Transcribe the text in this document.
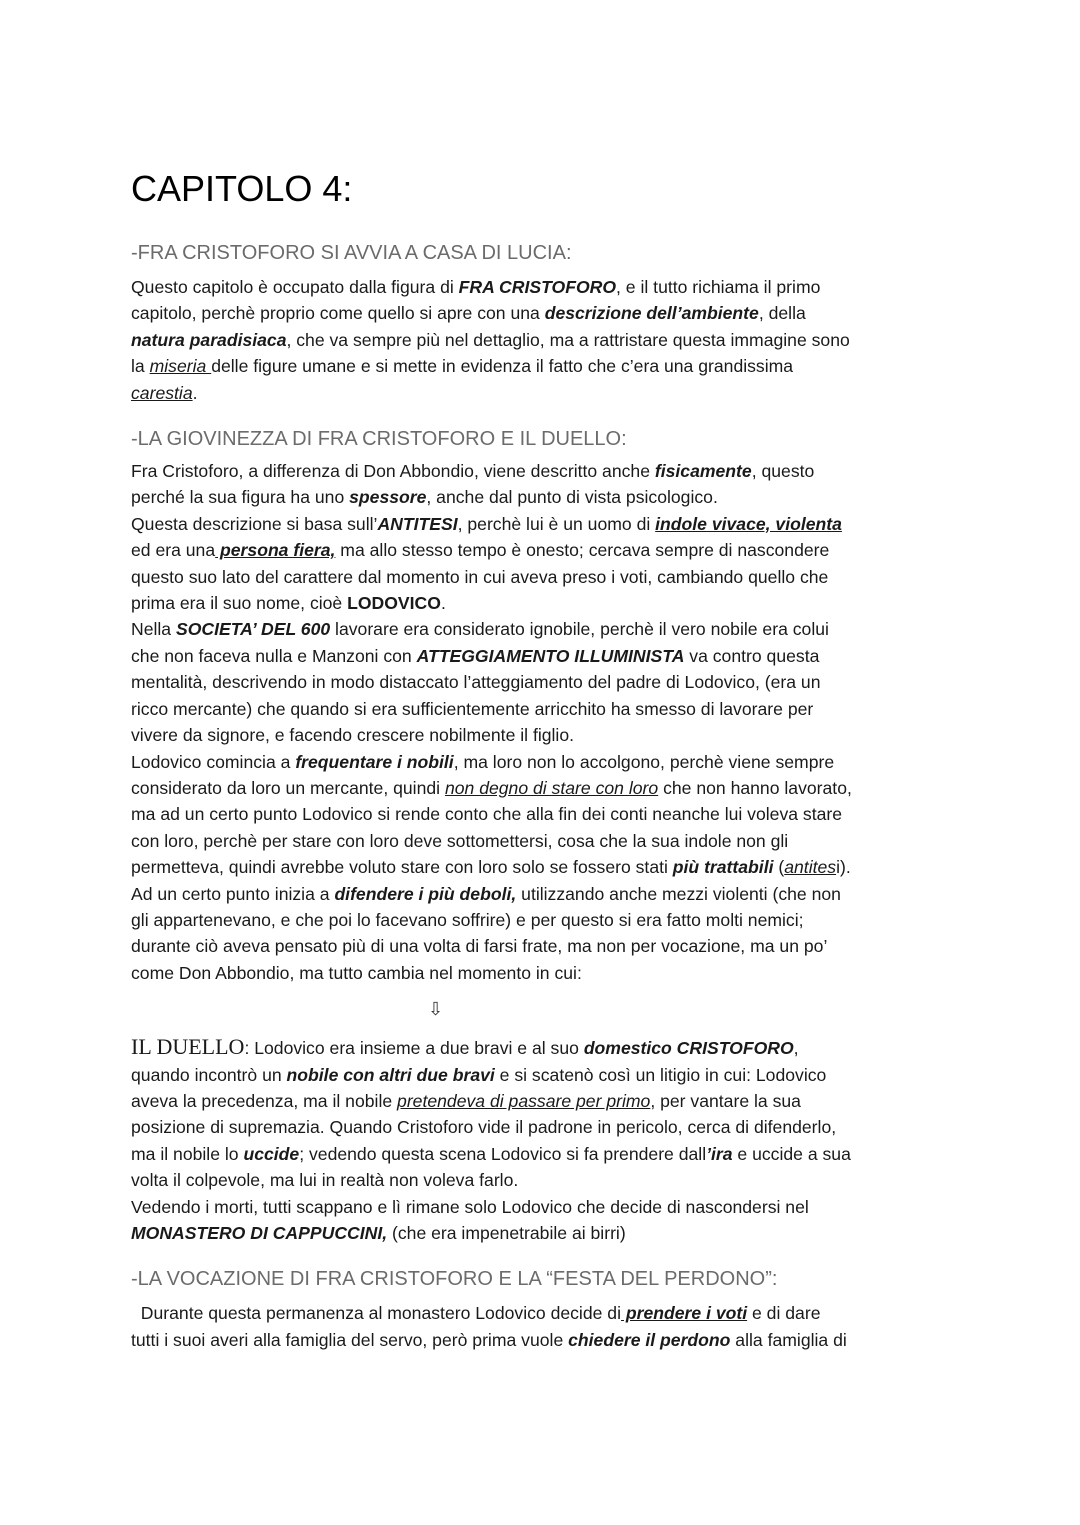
CAPITOLO 4:
-FRA CRISTOFORO SI AVVIA A CASA DI LUCIA:
Questo capitolo è occupato dalla figura di FRA CRISTOFORO, e il tutto richiama il primo
capitolo, perchè proprio come quello si apre con una descrizione dell’ambiente, della
natura paradisiaca, che va sempre più nel dettaglio, ma a rattristare questa immagine sono
la miseria delle figure umane e si mette in evidenza il fatto che c’era una grandissima
carestia.
-LA GIOVINEZZA DI FRA CRISTOFORO E IL DUELLO:
Fra Cristoforo, a differenza di Don Abbondio, viene descritto anche fisicamente, questo
perché la sua figura ha uno spessore, anche dal punto di vista psicologico.
Questa descrizione si basa sull’ANTITESI, perchè lui è un uomo di indole vivace, violenta
ed era una persona fiera, ma allo stesso tempo è onesto; cercava sempre di nascondere
questo suo lato del carattere dal momento in cui aveva preso i voti, cambiando quello che
prima era il suo nome, cioè LODOVICO.
Nella SOCIETA’ DEL 600 lavorare era considerato ignobile, perchè il vero nobile era colui
che non faceva nulla e Manzoni con ATTEGGIAMENTO ILLUMINISTA va contro questa
mentalità, descrivendo in modo distaccato l’atteggiamento del padre di Lodovico, (era un
ricco mercante) che quando si era sufficientemente arricchito ha smesso di lavorare per
vivere da signore, e facendo crescere nobilmente il figlio.
Lodovico comincia a frequentare i nobili, ma loro non lo accolgono, perchè viene sempre
considerato da loro un mercante, quindi non degno di stare con loro che non hanno lavorato,
ma ad un certo punto Lodovico si rende conto che alla fin dei conti neanche lui voleva stare
con loro, perchè per stare con loro deve sottomettersi, cosa che la sua indole non gli
permetteva, quindi avrebbe voluto stare con loro solo se fossero stati più trattabili (antitesi).
Ad un certo punto inizia a difendere i più deboli, utilizzando anche mezzi violenti (che non
gli appartenevano, e che poi lo facevano soffrire) e per questo si era fatto molti nemici;
durante ciò aveva pensato più di una volta di farsi frate, ma non per vocazione, ma un po’
come Don Abbondio, ma tutto cambia nel momento in cui:
⇩
IL DUELLO: Lodovico era insieme a due bravi e al suo domestico CRISTOFORO,
quando incontrò un nobile con altri due bravi e si scatenò così un litigio in cui: Lodovico
aveva la precedenza, ma il nobile pretendeva di passare per primo, per vantare la sua
posizione di supremazia. Quando Cristoforo vide il padrone in pericolo, cerca di difenderlo,
ma il nobile lo uccide; vedendo questa scena Lodovico si fa prendere dall’ira e uccide a sua
volta il colpevole, ma lui in realtà non voleva farlo.
Vedendo i morti, tutti scappano e lì rimane solo Lodovico che decide di nascondersi nel
MONASTERO DI CAPPUCCINI, (che era impenetrabile ai birri)
-LA VOCAZIONE DI FRA CRISTOFORO E LA “FESTA DEL PERDONO”:
Durante questa permanenza al monastero Lodovico decide di prendere i voti e di dare
tutti i suoi averi alla famiglia del servo, però prima vuole chiedere il perdono alla famiglia di
